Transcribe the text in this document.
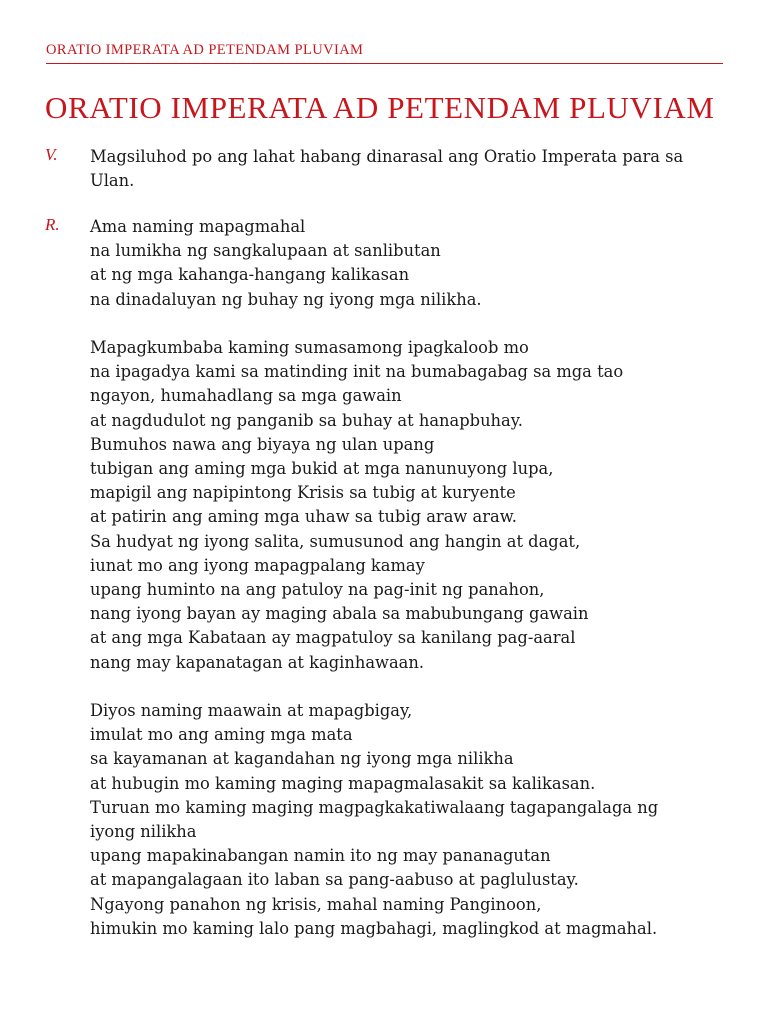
ORATIO IMPERATA AD PETENDAM PLUVIAM
ORATIO IMPERATA AD PETENDAM PLUVIAM
V. Magsiluhod po ang lahat habang dinarasal ang Oratio Imperata para sa
Ulan.
R. Ama naming mapagmahal
na lumikha ng sangkalupaan at sanlibutan
at ng mga kahanga-hangang kalikasan
na dinadaluyan ng buhay ng iyong mga nilikha.
Mapagkumbaba kaming sumasamong ipagkaloob mo
na ipagadya kami sa matinding init na bumabagabag sa mga tao
ngayon, humahadlang sa mga gawain
at nagdudulot ng panganib sa buhay at hanapbuhay.
Bumuhos nawa ang biyaya ng ulan upang
tubigan ang aming mga bukid at mga nanunuyong lupa,
mapigil ang napipintong Krisis sa tubig at kuryente
at patirin ang aming mga uhaw sa tubig araw araw.
Sa hudyat ng iyong salita, sumusunod ang hangin at dagat,
iunat mo ang iyong mapagpalang kamay
upang huminto na ang patuloy na pag-init ng panahon,
nang iyong bayan ay maging abala sa mabubungang gawain
at ang mga Kabataan ay magpatuloy sa kanilang pag-aaral
nang may kapanatagan at kaginhawaan.
Diyos naming maawain at mapagbigay,
imulat mo ang aming mga mata
sa kayamanan at kagandahan ng iyong mga nilikha
at hubugin mo kaming maging mapagmalasakit sa kalikasan.
Turuan mo kaming maging magpagkakatiwalaang tagapangalaga ng
iyong nilikha
upang mapakinabangan namin ito ng may pananagutan
at mapangalagaan ito laban sa pang-aabuso at paglulustay.
Ngayong panahon ng krisis, mahal naming Panginoon,
himukin mo kaming lalo pang magbahagi, maglingkod at magmahal.
